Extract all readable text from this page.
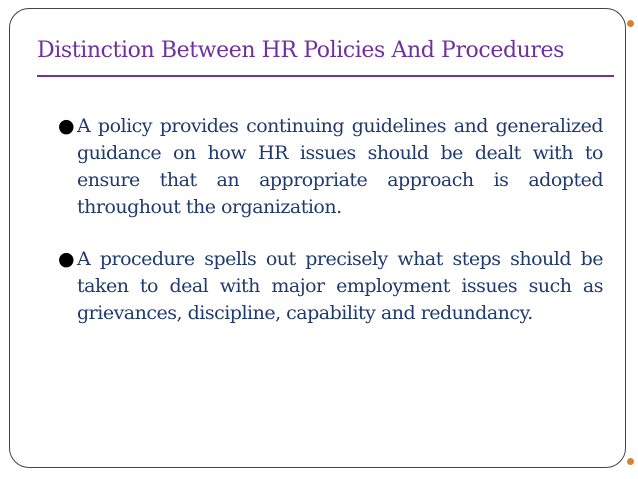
Distinction Between HR Policies And Procedures
● A policy provides continuing guidelines and generalized guidance on how HR issues should be dealt with to ensure that an appropriate approach is adopted throughout the organization.
● A procedure spells out precisely what steps should be taken to deal with major employment issues such as grievances, discipline, capability and redundancy.
